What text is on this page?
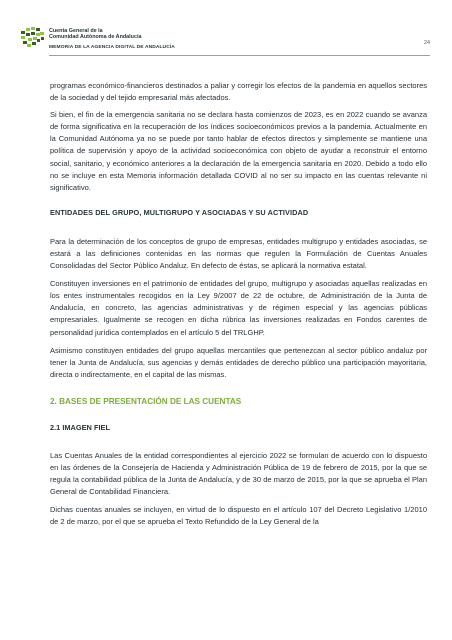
Cuenta General de la
Comunidad Autónoma de Andalucía
MEMORIA DE LA AGENCIA DIGITAL DE ANDALUCÍA
24

programas económico-financieros destinados a paliar y corregir los efectos de la pandemia en aquellos sectores de la sociedad y del tejido empresarial más afectados.

Si bien, el fin de la emergencia sanitaria no se declara hasta comienzos de 2023, es en 2022 cuando se avanza de forma significativa en la recuperación de los índices socioeconómicos previos a la pandemia. Actualmente en la Comunidad Autónoma ya no se puede por tanto hablar de efectos directos y simplemente se mantiene una política de supervisión y apoyo de la actividad socioeconómica con objeto de ayudar a reconstruir el entorno social, sanitario, y económico anteriores a la declaración de la emergencia sanitaria en 2020. Debido a todo ello no se incluye en esta Memoria información detallada COVID al no ser su impacto en las cuentas relevante ni significativo.

ENTIDADES DEL GRUPO, MULTIGRUPO Y ASOCIADAS Y SU ACTIVIDAD

Para la determinación de los conceptos de grupo de empresas, entidades multigrupo y entidades asociadas, se estará a las definiciones contenidas en las normas que regulen la Formulación de Cuentas Anuales Consolidadas del Sector Público Andaluz. En defecto de éstas, se aplicará la normativa estatal.

Constituyen inversiones en el patrimonio de entidades del grupo, multigrupo y asociadas aquellas realizadas en los entes instrumentales recogidos en la Ley 9/2007 de 22 de octubre, de Administración de la Junta de Andalucía, en concreto, las agencias administrativas y de régimen especial y las agencias públicas empresariales. Igualmente se recogen en dicha rúbrica las inversiones realizadas en Fondos carentes de personalidad jurídica contemplados en el artículo 5 del TRLGHP.

Asimismo constituyen entidades del grupo aquellas mercantiles que pertenezcan al sector público andaluz por tener la Junta de Andalucía, sus agencias y demás entidades de derecho público una participación mayoritaria, directa o indirectamente, en el capital de las mismas.

2. BASES DE PRESENTACIÓN DE LAS CUENTAS
2.1 IMAGEN FIEL

Las Cuentas Anuales de la entidad correspondientes al ejercicio 2022 se formulan de acuerdo con lo dispuesto en las órdenes de la Consejería de Hacienda y Administración Pública de 19 de febrero de 2015, por la que se regula la contabilidad pública de la Junta de Andalucía, y de 30 de marzo de 2015, por la que se aprueba el Plan General de Contabilidad Financiera.

Dichas cuentas anuales se incluyen, en virtud de lo dispuesto en el artículo 107 del Decreto Legislativo 1/2010 de 2 de marzo, por el que se aprueba el Texto Refundido de la Ley General de la
